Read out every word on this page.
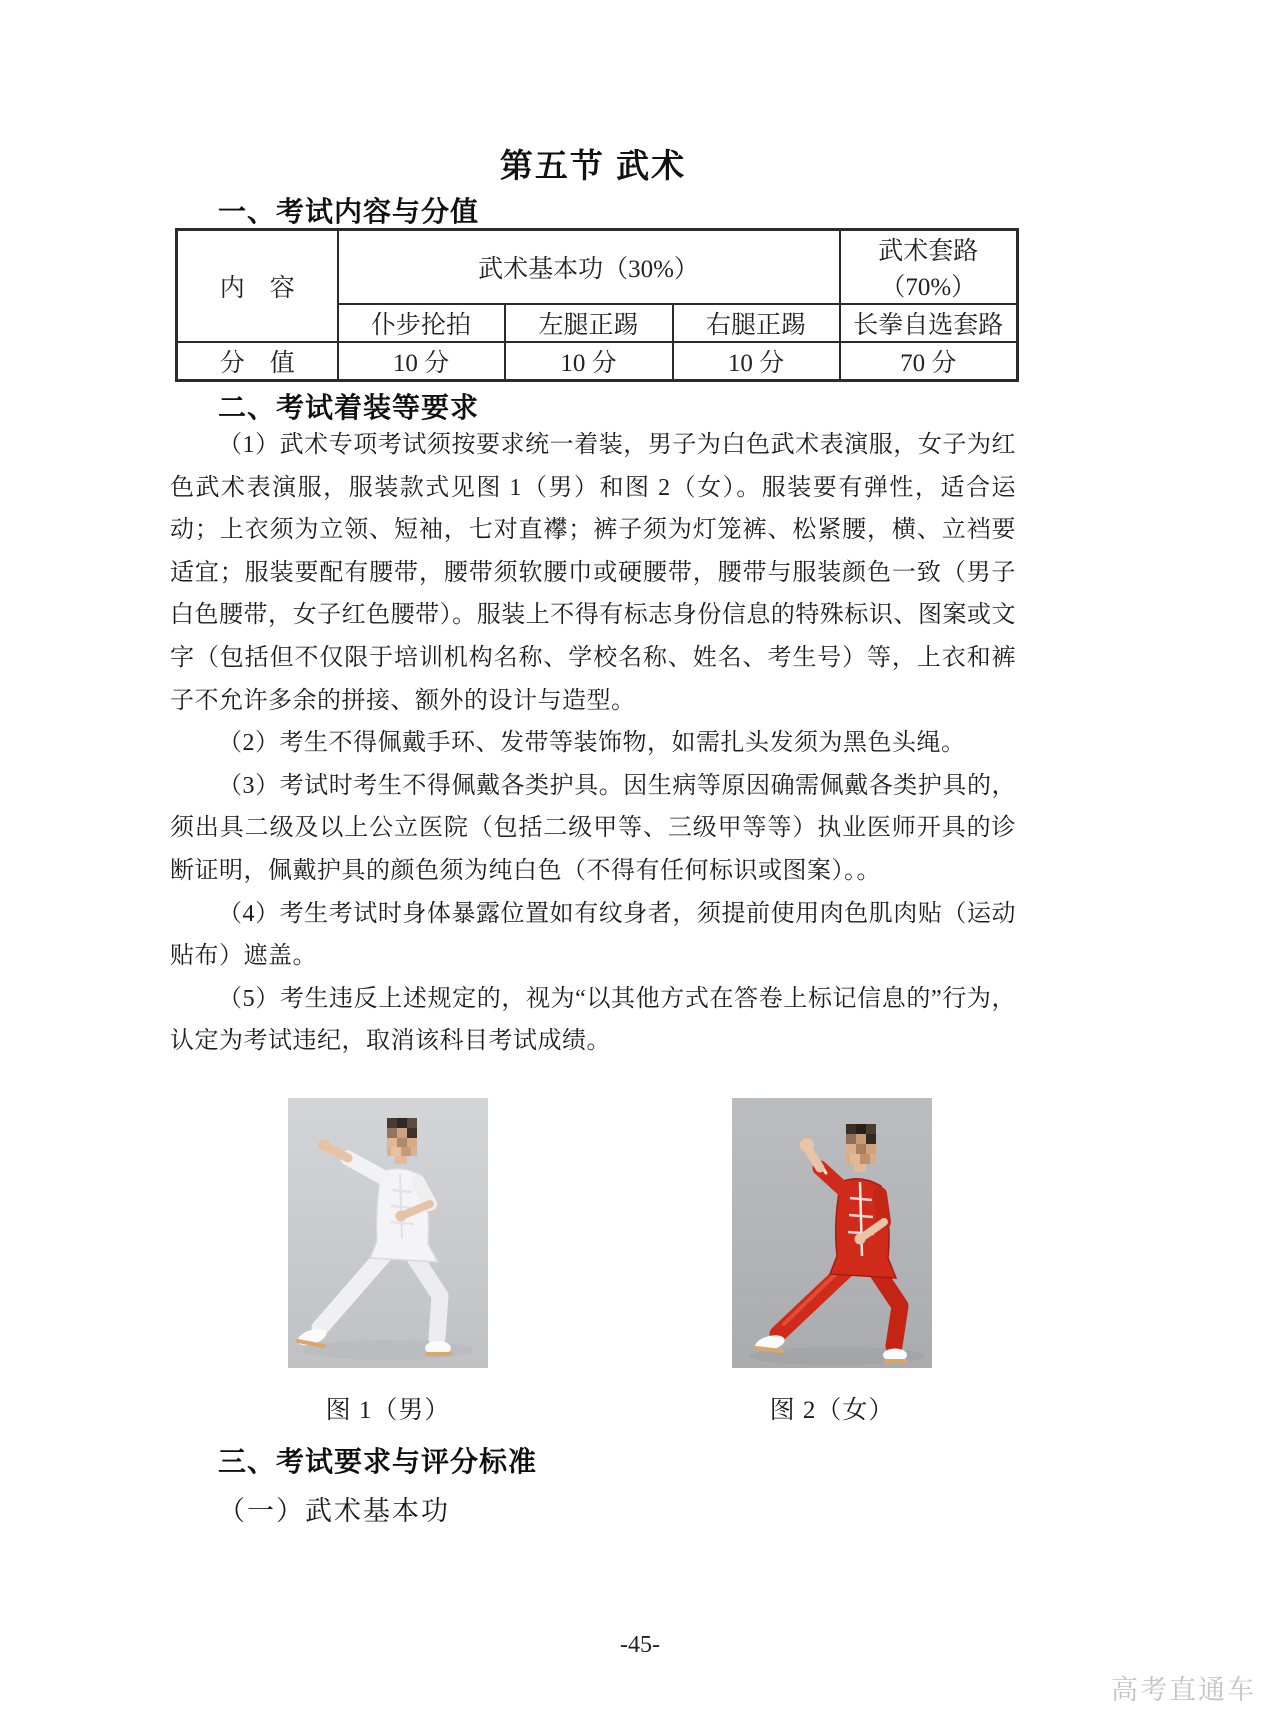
第五节 武术
一、考试内容与分值
内　容	武术基本功（30%）			武术套路（70%）
	仆步抡拍	左腿正踢	右腿正踢	长拳自选套路
分　值	10 分	10 分	10 分	70 分
二、考试着装等要求

（1）武术专项考试须按要求统一着装，男子为白色武术表演服，女子为红色武术表演服，服装款式见图 1（男）和图 2（女）。服装要有弹性，适合运动；上衣须为立领、短袖，七对直襻；裤子须为灯笼裤、松紧腰，横、立裆要适宜；服装要配有腰带，腰带须软腰巾或硬腰带，腰带与服装颜色一致（男子白色腰带，女子红色腰带）。服装上不得有标志身份信息的特殊标识、图案或文字（包括但不仅限于培训机构名称、学校名称、姓名、考生号）等，上衣和裤子不允许多余的拼接、额外的设计与造型。

（2）考生不得佩戴手环、发带等装饰物，如需扎头发须为黑色头绳。

（3）考试时考生不得佩戴各类护具。因生病等原因确需佩戴各类护具的，须出具二级及以上公立医院（包括二级甲等、三级甲等等）执业医师开具的诊断证明，佩戴护具的颜色须为纯白色（不得有任何标识或图案）。。

（4）考生考试时身体暴露位置如有纹身者，须提前使用肉色肌肉贴（运动贴布）遮盖。

（5）考生违反上述规定的，视为“以其他方式在答卷上标记信息的”行为，认定为考试违纪，取消该科目考试成绩。

图 1（男）	图 2（女）
三、考试要求与评分标准
（一）武术基本功
-45-
高考直通车
